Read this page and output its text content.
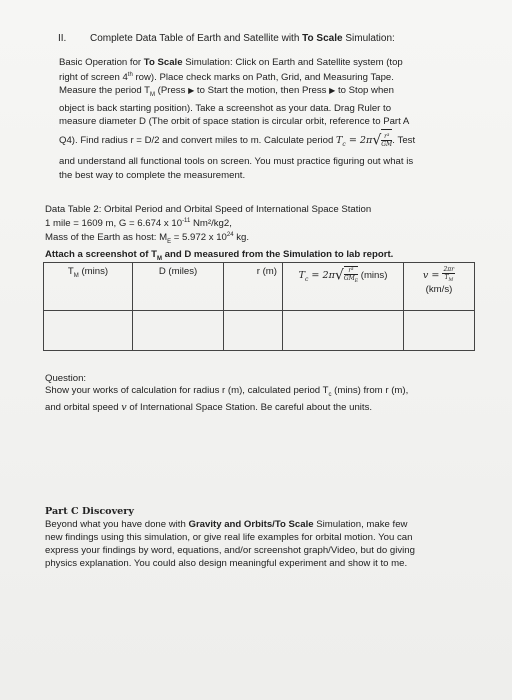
II. Complete Data Table of Earth and Satellite with To Scale Simulation:

Basic Operation for To Scale Simulation: Click on Earth and Satellite system (top

right of screen 4th row). Place check marks on Path, Grid, and Measuring Tape.

Measure the period $T_M$ (Press ▶ to Start the motion, then Press ▶ to Stop when

object is back starting position). Take a screenshot as your data. Drag Ruler to

measure diameter D (The orbit of space station is circular orbit, reference to Part A

Q4). Find radius r = D/2 and convert miles to m. Calculate period $T_c = 2\pi√ \frac{\text{r³}}{GM}$ . Test

and understand all functional tools on screen. You must practice figuring out what is

the best way to complete the measurement.

Data Table 2: Orbital Period and Orbital Speed of International Space Station

1 mile = 1609 m, G = 6.674 x $10^{-11}$ Nm²/kg2,

Mass of the Earth as host: $M_E = 5.972$ x $10^{24}$ kg.

Attach a screenshot of $T_M$ and D measured from the Simulation to lab report.

$T_M$ (mins)	D (miles)	r (m)	$T_c = 2\pi√ \frac{\text{r³}}{GM_E} (\min s)$	$v = \frac{2\pi r}{T_M}$
(km/s)

Question:

Show your works of calculation for radius r (m), calculated period $T_c$ (mins) from r (m),

and orbital speed v of International Space Station. Be careful about the units.

Part C Discovery

Beyond what you have done with Gravity and Orbits/To Scale Simulation, make few

new findings using this simulation, or give real life examples for orbital motion. You can

express your findings by word, equations, and/or screenshot graph/Video, but do giving

physics explanation. You could also design meaningful experiment and show it to me.
